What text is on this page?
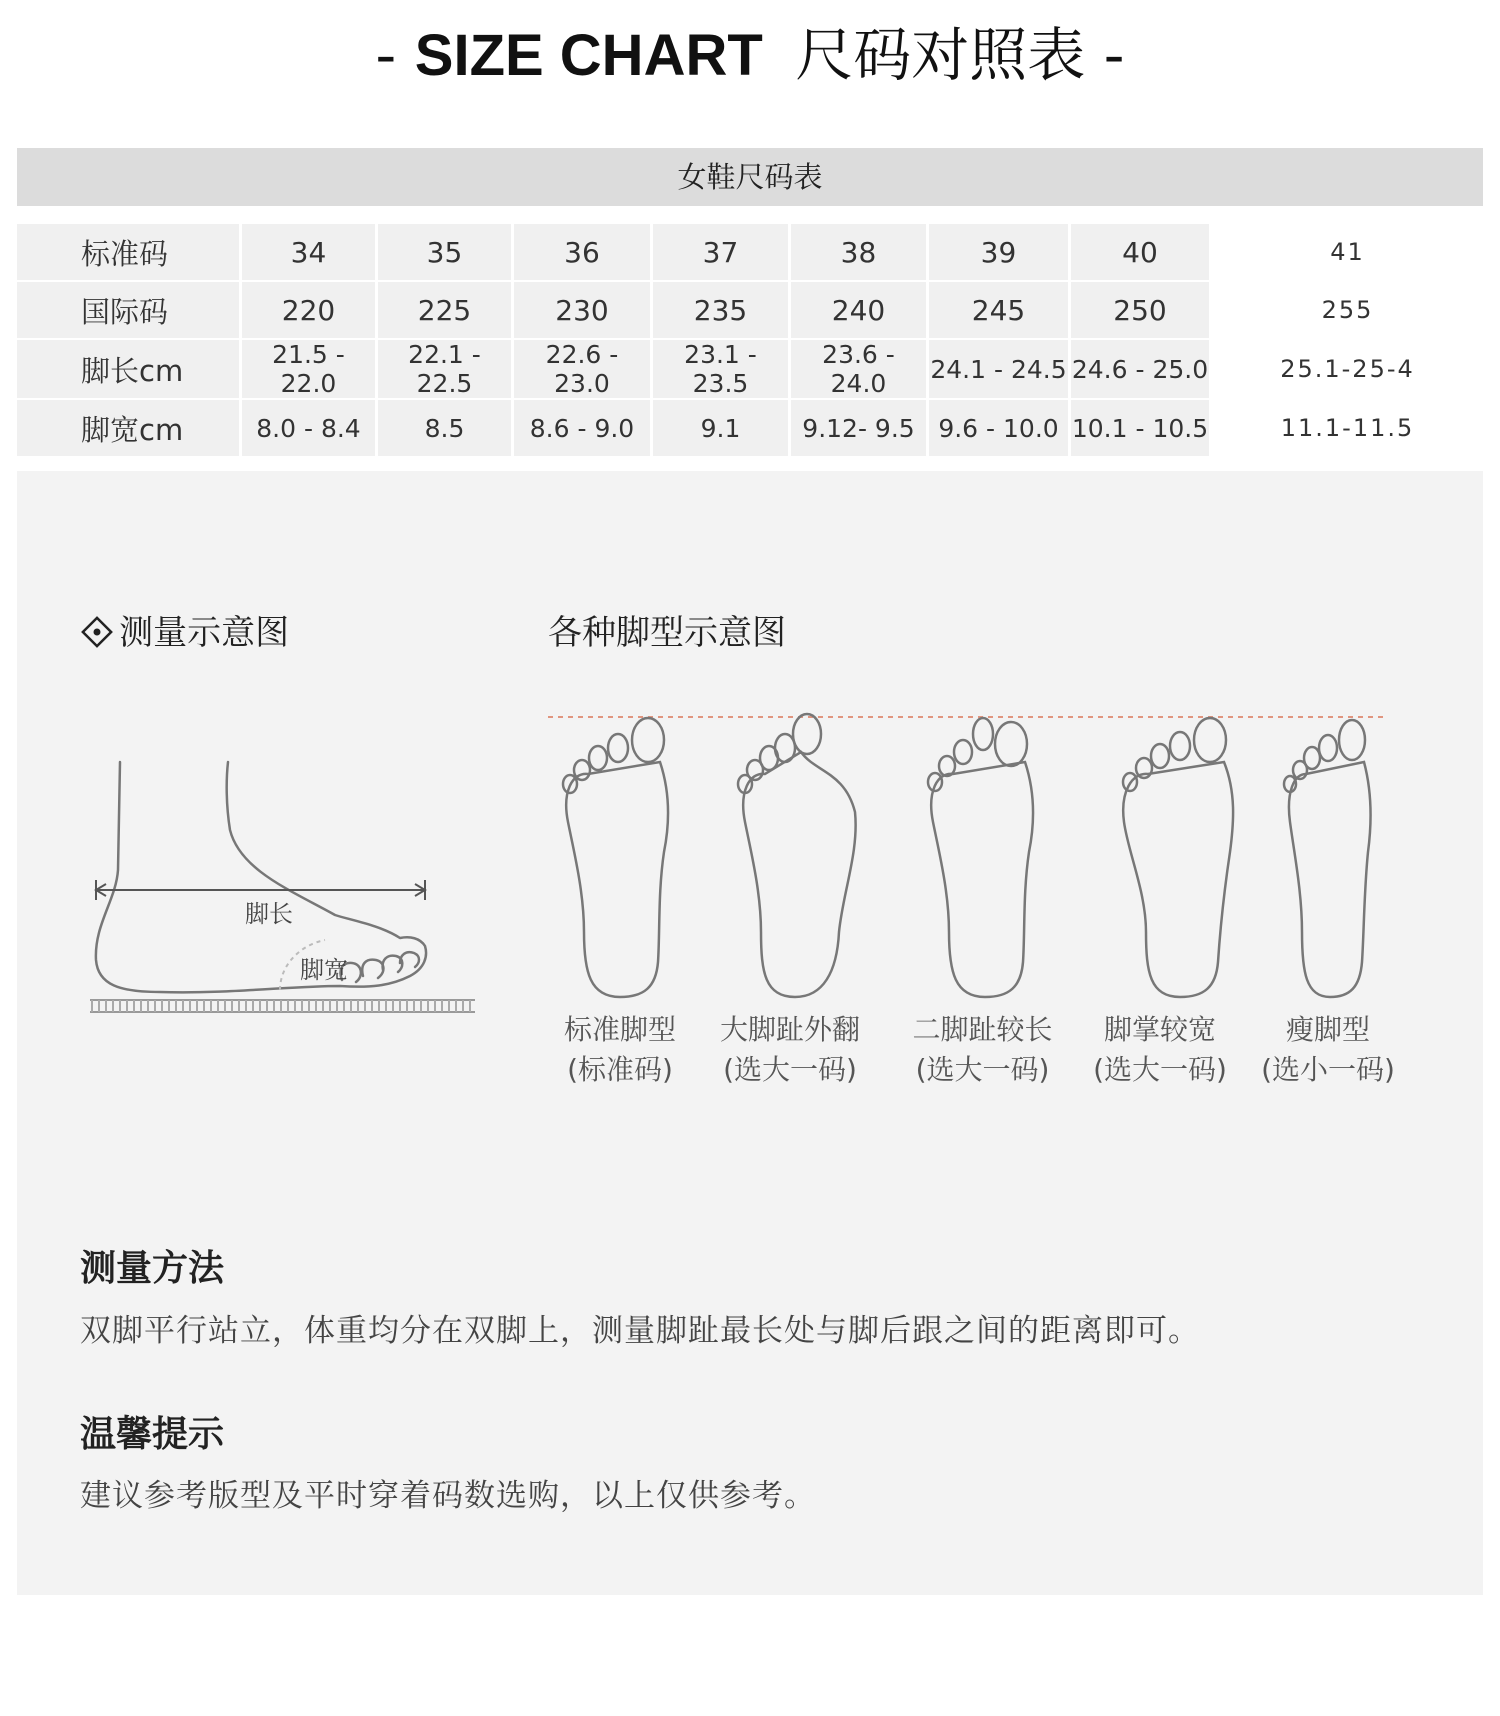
- SIZE CHART 尺码对照表 -
女鞋尺码表
标准码	34	35	36	37	38	39	40	41
国际码	220	225	230	235	240	245	250	255
脚长cm	21.5 - 22.0	22.1 - 22.5	22.6 - 23.0	23.1 - 23.5	23.6 - 24.0	24.1 - 24.5	24.6 - 25.0	25.1-25-4
脚宽cm	8.0 - 8.4	8.5	8.6 - 9.0	9.1	9.12- 9.5	9.6 - 10.0	10.1 - 10.5	11.1-11.5
测量示意图
脚长
脚宽
各种脚型示意图
标准脚型
(标准码)
大脚趾外翻
(选大一码)
二脚趾较长
(选大一码)
脚掌较宽
(选大一码)
瘦脚型
(选小一码)
测量方法
双脚平行站立，体重均分在双脚上，测量脚趾最长处与脚后跟之间的距离即可。
温馨提示
建议参考版型及平时穿着码数选购，以上仅供参考。
